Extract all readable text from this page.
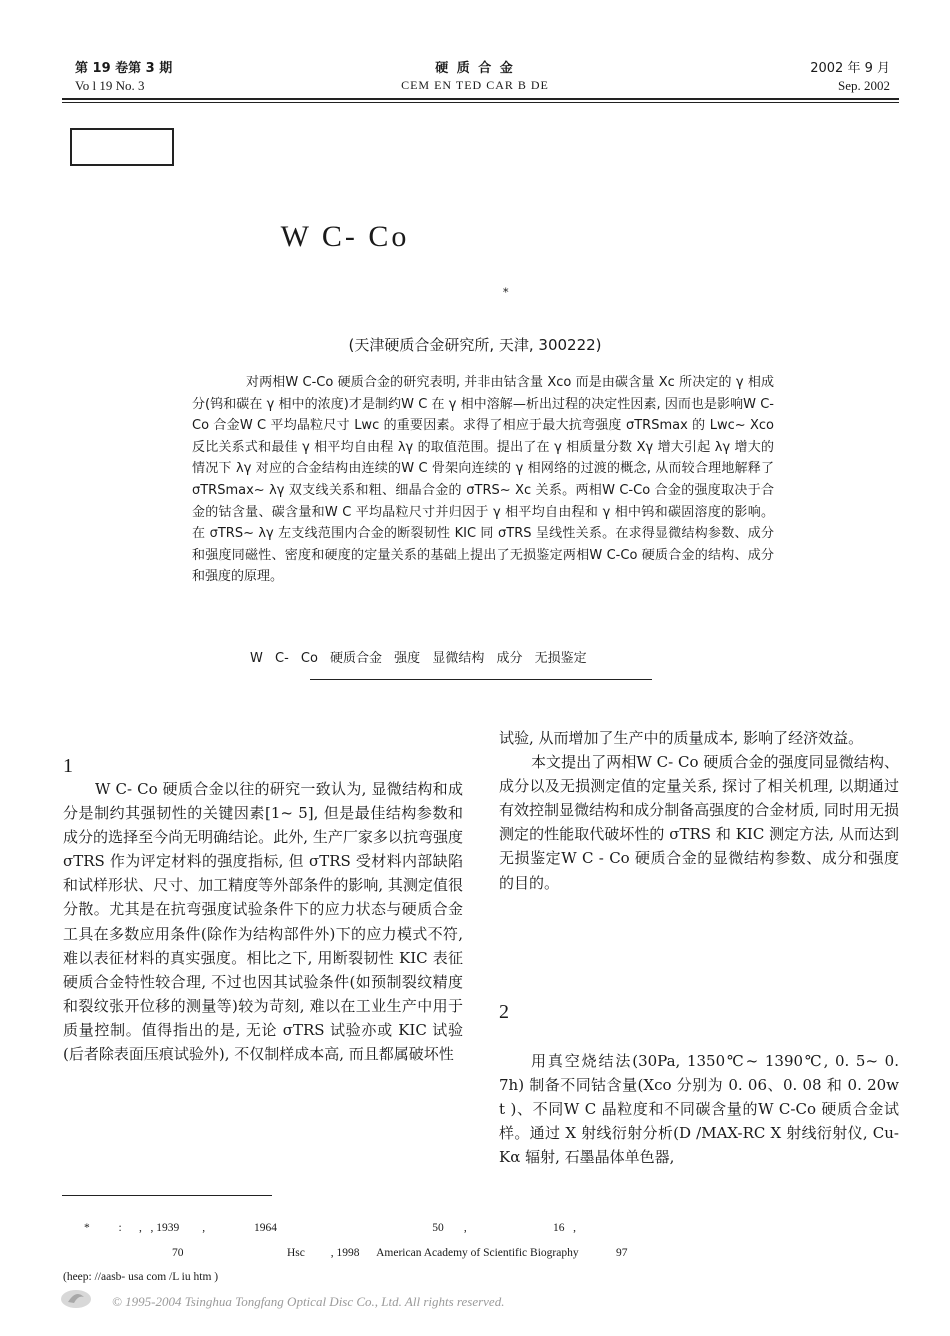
第 19 卷第 3 期
Vo l 19 No. 3
硬 质 合 金
CEM EN TED CAR B DE
2002 年 9 月
Sep. 2002
W C- Co
*
(天津硬质合金研究所, 天津, 300222)

对两相W C-Co 硬质合金的研究表明, 并非由钴含量 Xco 而是由碳含量 Xc 所决定的 γ 相成分(钨和碳在 γ 相中的浓度)才是制约W C 在 γ 相中溶解—析出过程的决定性因素, 因而也是影响W C-Co 合金W C 平均晶粒尺寸 Lwc 的重要因素。求得了相应于最大抗弯强度 σTRSmax 的 Lwc~ Xco 反比关系式和最佳 γ 相平均自由程 λγ 的取值范围。提出了在 γ 相质量分数 Xγ 增大引起 λγ 增大的情况下 λγ 对应的合金结构由连续的W C 骨架向连续的 γ 相网络的过渡的概念, 从而较合理地解释了 σTRSmax~ λγ 双支线关系和粗、细晶合金的 σTRS~ Xc 关系。两相W C-Co 合金的强度取决于合金的钴含量、碳含量和W C 平均晶粒尺寸并归因于 γ 相平均自由程和 γ 相中钨和碳固溶度的影响。在 σTRS~ λγ 左支线范围内合金的断裂韧性 KIC 同 σTRS 呈线性关系。在求得显微结构参数、成分和强度同磁性、密度和硬度的定量关系的基础上提出了无损鉴定两相W C-Co 硬质合金的结构、成分和强度的原理。

W C- Co 硬质合金 强度 显微结构 成分 无损鉴定
1

W C- Co 硬质合金以往的研究一致认为, 显微结构和成分是制约其强韧性的关键因素[1~ 5], 但是最佳结构参数和成分的选择至今尚无明确结论。此外, 生产厂家多以抗弯强度 σTRS 作为评定材料的强度指标, 但 σTRS 受材料内部缺陷和试样形状、尺寸、加工精度等外部条件的影响, 其测定值很分散。尤其是在抗弯强度试验条件下的应力状态与硬质合金工具在多数应用条件(除作为结构部件外)下的应力模式不符, 难以表征材料的真实强度。相比之下, 用断裂韧性 KIC 表征硬质合金特性较合理, 不过也因其试验条件(如预制裂纹精度和裂纹张开位移的测量等)较为苛刻, 难以在工业生产中用于质量控制。值得指出的是, 无论 σTRS 试验亦或 KIC 试验(后者除表面压痕试验外), 不仅制样成本高, 而且都属破坏性

试验, 从而增加了生产中的质量成本, 影响了经济效益。

本文提出了两相W C- Co 硬质合金的强度同显微结构、成分以及无损测定值的定量关系, 探讨了相关机理, 以期通过有效控制显微结构和成分制备高强度的合金材质, 同时用无损测定的性能取代破坏性的 σTRS 和 KIC 测定方法, 从而达到无损鉴定W C - Co 硬质合金的显微结构参数、成分和强度的目的。

2

用真空烧结法(30Pa, 1350℃~ 1390℃, 0. 5~ 0. 7h) 制备不同钴含量(Xco 分别为 0. 06、0. 08 和 0. 20w t )、不同W C 晶粒度和不同碳含量的W C-Co 硬质合金试样。通过 X 射线衍射分析(D /MAX-RC X 射线衍射仪, Cu- Kα 辐射, 石墨晶体单色器,

*          :      ,   , 1939        ,                 1964                                                      50       ,                              16   ,
70                                    Hsc         , 1998      American Academy of Scientific Biography             97
(heep: //aasb- usa com /L iu htm )
© 1995-2004 Tsinghua Tongfang Optical Disc Co., Ltd. All rights reserved.
